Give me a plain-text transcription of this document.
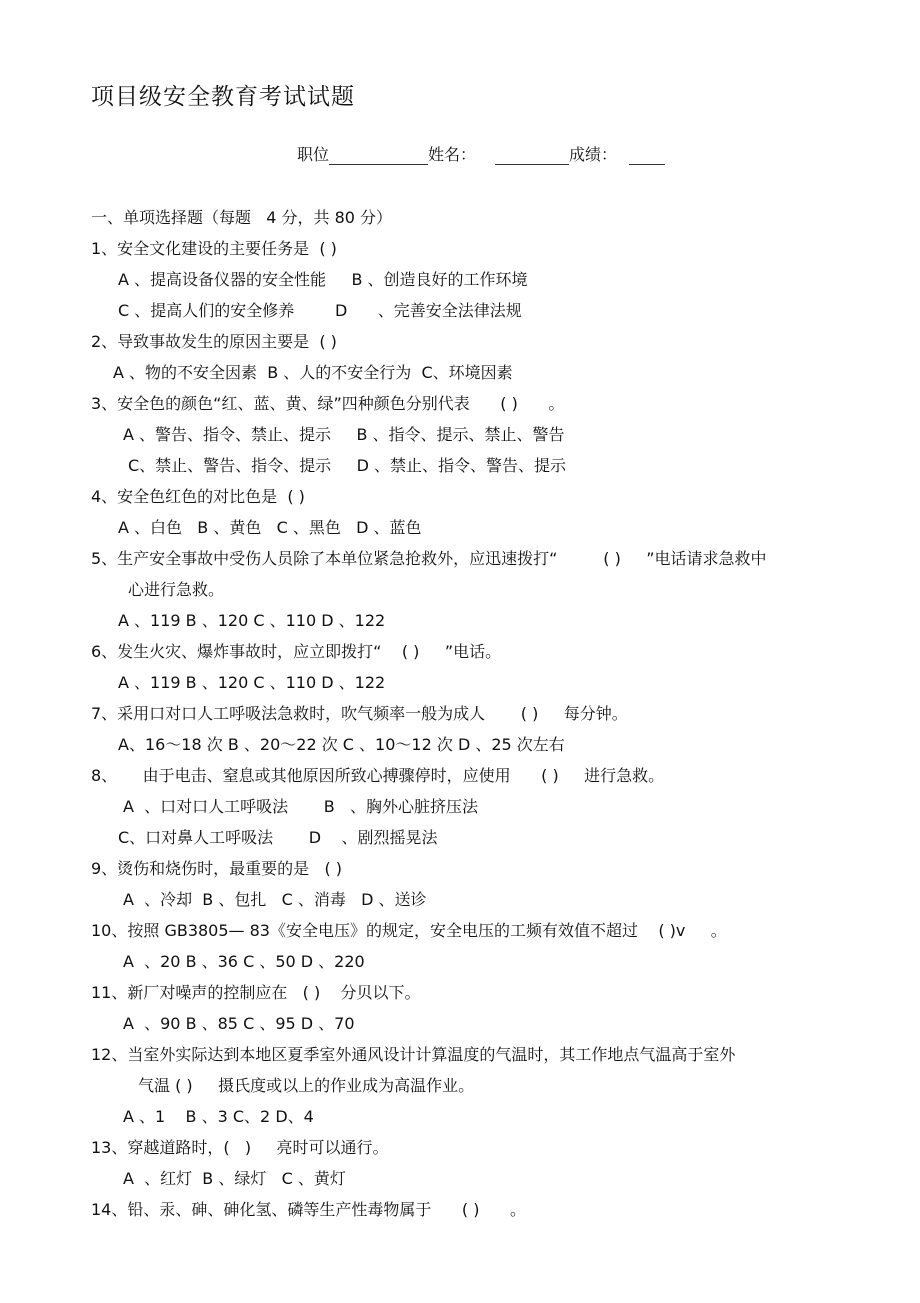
项目级安全教育考试试题
职位	姓名：	成绩：
一、单项选择题（每题   4 分，共 80 分）
1、安全文化建设的主要任务是  ( )
A 、提高设备仪器的安全性能     B 、创造良好的工作环境
C 、提高人们的安全修养        D      、完善安全法律法规
2、导致事故发生的原因主要是  ( )
A 、物的不安全因素  B 、人的不安全行为  C、环境因素
3、安全色的颜色“红、蓝、黄、绿”四种颜色分别代表      ( )      。
A 、警告、指令、禁止、提示     B 、指令、提示、禁止、警告
C、禁止、警告、指令、提示     D 、禁止、指令、警告、提示
4、安全色红色的对比色是  ( )
A 、白色   B 、黄色   C 、黑色   D 、蓝色
5、生产安全事故中受伤人员除了本单位紧急抢救外，应迅速拨打“         ( )     ”电话请求急救中
心进行急救。
A 、119 B 、120 C 、110 D 、122
6、发生火灾、爆炸事故时，应立即拨打“    ( )     ”电话。
A 、119 B 、120 C 、110 D 、122
7、采用口对口人工呼吸法急救时，吹气频率一般为成人       ( )     每分钟。
A、16～18 次 B 、20～22 次 C 、10～12 次 D 、25 次左右
8、     由于电击、窒息或其他原因所致心搏骤停时，应使用      ( )     进行急救。
A  、口对口人工呼吸法       B   、胸外心脏挤压法
C、口对鼻人工呼吸法       D    、剧烈摇晃法
9、烫伤和烧伤时，最重要的是   ( )
A  、冷却  B 、包扎   C 、消毒   D 、送诊
10、按照 GB3805— 83《安全电压》的规定，安全电压的工频有效值不超过    ( )v     。
A  、20 B 、36 C 、50 D 、220
11、新厂对噪声的控制应在   ( )    分贝以下。
A  、90 B 、85 C 、95 D 、70
12、当室外实际达到本地区夏季室外通风设计计算温度的气温时，其工作地点气温高于室外
气温 ( )     摄氏度或以上的作业成为高温作业。
A 、1    B 、3 C、2 D、4
13、穿越道路时，(   )     亮时可以通行。
A  、红灯  B 、绿灯   C 、黄灯
14、铅、汞、砷、砷化氢、磷等生产性毒物属于      ( )      。
